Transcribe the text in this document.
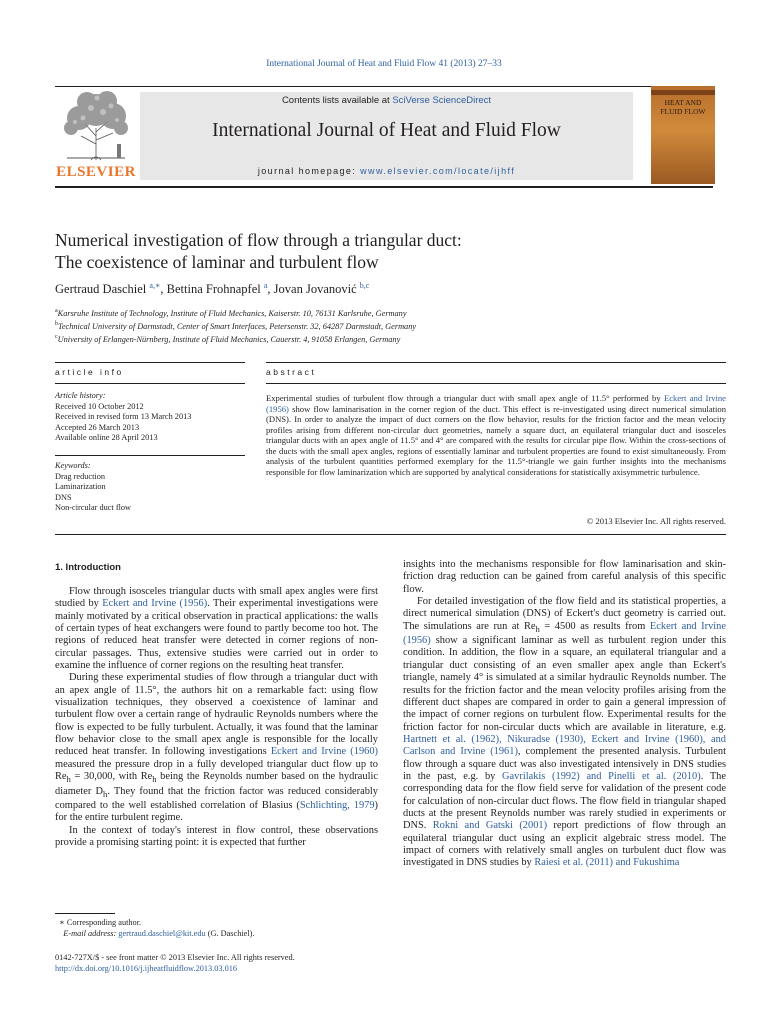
International Journal of Heat and Fluid Flow 41 (2013) 27–33
ELSEVIER
Contents lists available at SciVerse ScienceDirect
International Journal of Heat and Fluid Flow
journal homepage: www.elsevier.com/locate/ijhff
HEAT AND
FLUID FLOW
Numerical investigation of flow through a triangular duct:
The coexistence of laminar and turbulent flow
Gertraud Daschiel $^{a,∗}$, Bettina Frohnapfel $^a$, Jovan Jovanović $^{b,c}$
$^a$Karsruhe Institute of Technology, Institute of Fluid Mechanics, Kaiserstr. 10, 76131 Karlsruhe, Germany
$^b$Technical University of Darmstadt, Center of Smart Interfaces, Petersenstr. 32, 64287 Darmstadt, Germany
$^c$University of Erlangen-Nürnberg, Institute of Fluid Mechanics, Cauerstr. 4, 91058 Erlangen, Germany
article info	abstract
Article history:
Received 10 October 2012
Received in revised form 13 March 2013
Accepted 26 March 2013
Available online 28 April 2013
Keywords:
Drag reduction
Laminarization
DNS
Non-circular duct flow
Experimental studies of turbulent flow through a triangular duct with small apex angle of 11.5° performed by Eckert and Irvine (1956) show flow laminarisation in the corner region of the duct. This effect is re-investigated using direct numerical simulation (DNS). In order to analyze the impact of duct corners on the flow behavior, results for the friction factor and the mean velocity profiles arising from different non-circular duct geometries, namely a square duct, an equilateral triangular duct and isosceles triangular ducts with an apex angle of 11.5° and 4° are compared with the results for circular pipe flow. Within the cross-sections of the ducts with the small apex angles, regions of essentially laminar and turbulent properties are found to exist simultaneously. From analysis of the turbulent quantities performed exemplary for the 11.5°-triangle we gain further insights into the mechanisms responsible for flow laminarization which are supported by analytical considerations for statistically axisymmetric turbulence.
© 2013 Elsevier Inc. All rights reserved.
1. Introduction

Flow through isosceles triangular ducts with small apex angles were first studied by Eckert and Irvine (1956). Their experimental investigations were mainly motivated by a critical observation in practical applications: the walls of certain types of heat exchangers were found to partly become too hot. The regions of reduced heat transfer were detected in corner regions of non-circular passages. Thus, extensive studies were carried out in order to examine the influence of corner regions on the resulting heat transfer.

During these experimental studies of flow through a triangular duct with an apex angle of 11.5°, the authors hit on a remarkable fact: using flow visualization techniques, they observed a coexistence of laminar and turbulent flow over a certain range of hydraulic Reynolds numbers where the flow is expected to be fully turbulent. Actually, it was found that the laminar flow behavior close to the small apex angle is responsible for the locally reduced heat transfer. In following investigations Eckert and Irvine (1960) measured the pressure drop in a fully developed triangular duct flow up to $Re_h = 30,000$, with $Re_h$ being the Reynolds number based on the hydraulic diameter $D_h$. They found that the friction factor was reduced considerably compared to the well established correlation of Blasius (Schlichting, 1979) for the entire turbulent regime.

In the context of today's interest in flow control, these observations provide a promising starting point: it is expected that further

insights into the mechanisms responsible for flow laminarisation and skin-friction drag reduction can be gained from careful analysis of this specific flow.

For detailed investigation of the flow field and its statistical properties, a direct numerical simulation (DNS) of Eckert's duct geometry is carried out. The simulations are run at $Re_h = 4500$ as results from Eckert and Irvine (1956) show a significant laminar as well as turbulent region under this condition. In addition, the flow in a square, an equilateral triangular and a triangular duct consisting of an even smaller apex angle than Eckert's triangle, namely 4° is simulated at a similar hydraulic Reynolds number. The results for the friction factor and the mean velocity profiles arising from the different duct shapes are compared in order to gain a general impression of the impact of corner regions on turbulent flow. Experimental results for the friction factor for non-circular ducts which are available in literature, e.g. Hartnett et al. (1962), Nikuradse (1930), Eckert and Irvine (1960), and Carlson and Irvine (1961), complement the presented analysis. Turbulent flow through a square duct was also investigated intensively in DNS studies in the past, e.g. by Gavrilakis (1992) and Pinelli et al. (2010). The corresponding data for the flow field serve for validation of the present code for calculation of non-circular duct flows. The flow field in triangular shaped ducts at the present Reynolds number was rarely studied in experiments or DNS. Rokni and Gatski (2001) report predictions of flow through an equilateral triangular duct using an explicit algebraic stress model. The impact of corners with relatively small angles on turbulent duct flow was investigated in DNS studies by Raiesi et al. (2011) and Fukushima

∗ Corresponding author.
E-mail address: gertraud.daschiel@kit.edu (G. Daschiel).
0142-727X/$ - see front matter © 2013 Elsevier Inc. All rights reserved.
http://dx.doi.org/10.1016/j.ijheatfluidflow.2013.03.016
